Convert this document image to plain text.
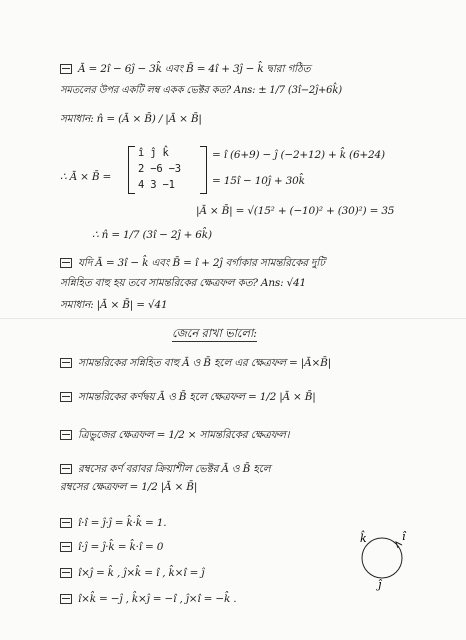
Ā = 2î − 6ĵ − 3k̂ এবং B̄ = 4î + 3ĵ − k̂ দ্বারা গঠিত
সমতলের উপর একটি লম্ব একক ভেক্টর কত? Ans: ± 1/7 (3î−2ĵ+6k̂)
সমাধান: n̂ = (Ā × B̄) / |Ā × B̄|
∴ Ā × B̄ =
î ĵ k̂
2 −6 −3
4 3 −1
= î (6+9) − ĵ (−2+12) + k̂ (6+24)
= 15î − 10ĵ + 30k̂
|Ā × B̄| = √(15² + (−10)² + (30)²) = 35
∴ n̂ = 1/7 (3î − 2ĵ + 6k̂)
যদি Ā = 3î − k̂ এবং B̄ = î + 2ĵ বর্গাকার সামন্তরিকের দুটি
সন্নিহিত বাহু হয় তবে সামন্তরিকের ক্ষেত্রফল কত? Ans: √41
সমাধান: |Ā × B̄| = √41
জেনে রাখা ভালো:
সামন্তরিকের সন্নিহিত বাহু Ā ও B̄ হলে এর ক্ষেত্রফল = |Ā×B̄|
সামন্তরিকের কর্ণদ্বয় Ā ও B̄ হলে ক্ষেত্রফল = 1/2 |Ā × B̄|
ত্রিভুজের ক্ষেত্রফল = 1/2 × সামন্তরিকের ক্ষেত্রফল।
রম্বসের কর্ণ বরাবর ক্রিয়াশীল ভেক্টর Ā ও B̄ হলে
রম্বসের ক্ষেত্রফল = 1/2 |Ā × B̄|
î·î = ĵ·ĵ = k̂·k̂ = 1.
î·ĵ = ĵ·k̂ = k̂·î = 0
î×ĵ = k̂ , ĵ×k̂ = î , k̂×î = ĵ
î×k̂ = −ĵ , k̂×ĵ = −î , ĵ×î = −k̂ .
k̂	î
ĵ
